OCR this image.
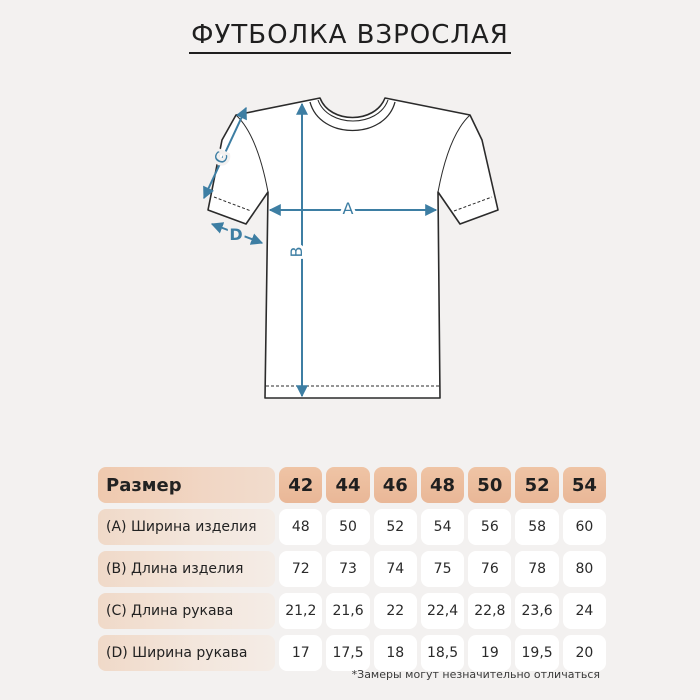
ФУТБОЛКА ВЗРОСЛАЯ
A
B
C
D
Размер	42	44	46	48	50	52	54
(A) Ширина изделия	48	50	52	54	56	58	60
(B) Длина изделия	72	73	74	75	76	78	80
(C) Длина рукава	21,2	21,6	22	22,4	22,8	23,6	24
(D) Ширина рукава	17	17,5	18	18,5	19	19,5	20
*Замеры могут незначительно отличаться
